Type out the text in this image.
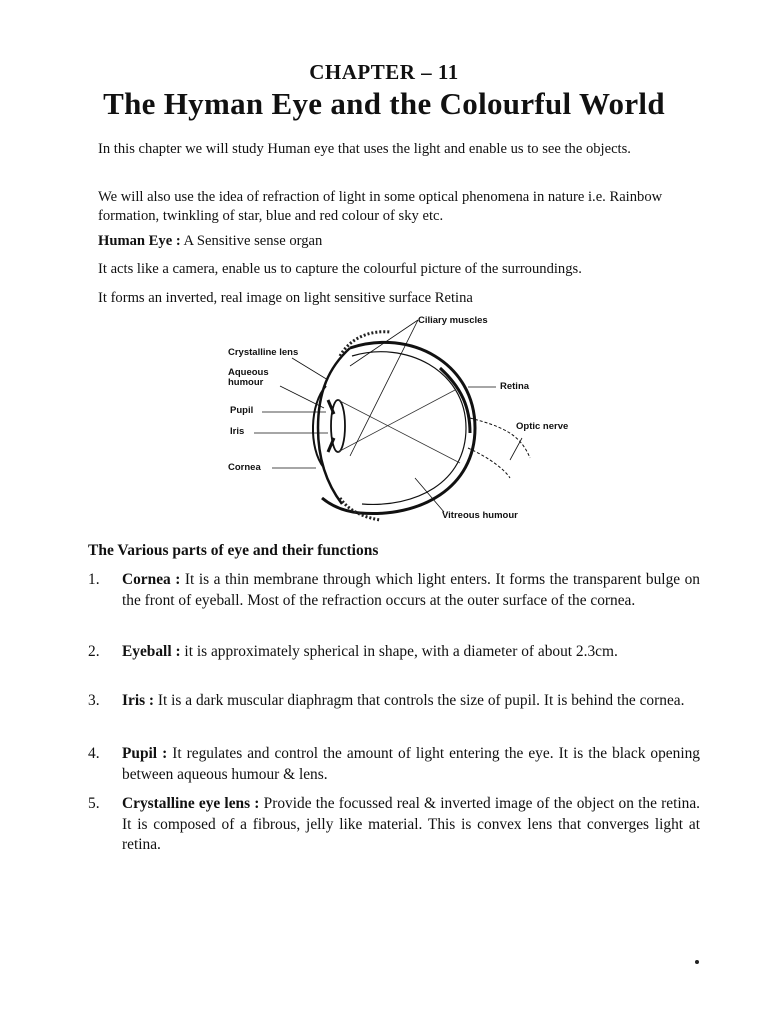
CHAPTER – 11
The Hyman Eye and the Colourful World
In this chapter we will study Human eye that uses the light and enable us to see the objects.
We will also use the idea of refraction of light in some optical phenomena in nature i.e. Rainbow formation, twinkling of star, blue and red colour of sky etc.
Human Eye : A Sensitive sense organ
It acts like a camera, enable us to capture the colourful picture of the surroundings.
It forms an inverted, real image on light sensitive surface Retina
Ciliary muscles
Crystalline lens
Aqueous
humour
Pupil
Iris
Cornea
Retina
Optic nerve
Vitreous humour
The Various parts of eye and their functions
1.	Cornea : It is a thin membrane through which light enters. It forms the transparent bulge on the front of eyeball. Most of the refraction occurs at the outer surface of the cornea.
2.	Eyeball : it is approximately spherical in shape, with a diameter of about 2.3cm.
3.	Iris : It is a dark muscular diaphragm that controls the size of pupil. It is behind the cornea.
4.	Pupil : It regulates and control the amount of light entering the eye. It is the black opening between aqueous humour & lens.
5.	Crystalline eye lens : Provide the focussed real & inverted image of the object on the retina. It is composed of a fibrous, jelly like material. This is convex lens that converges light at retina.
